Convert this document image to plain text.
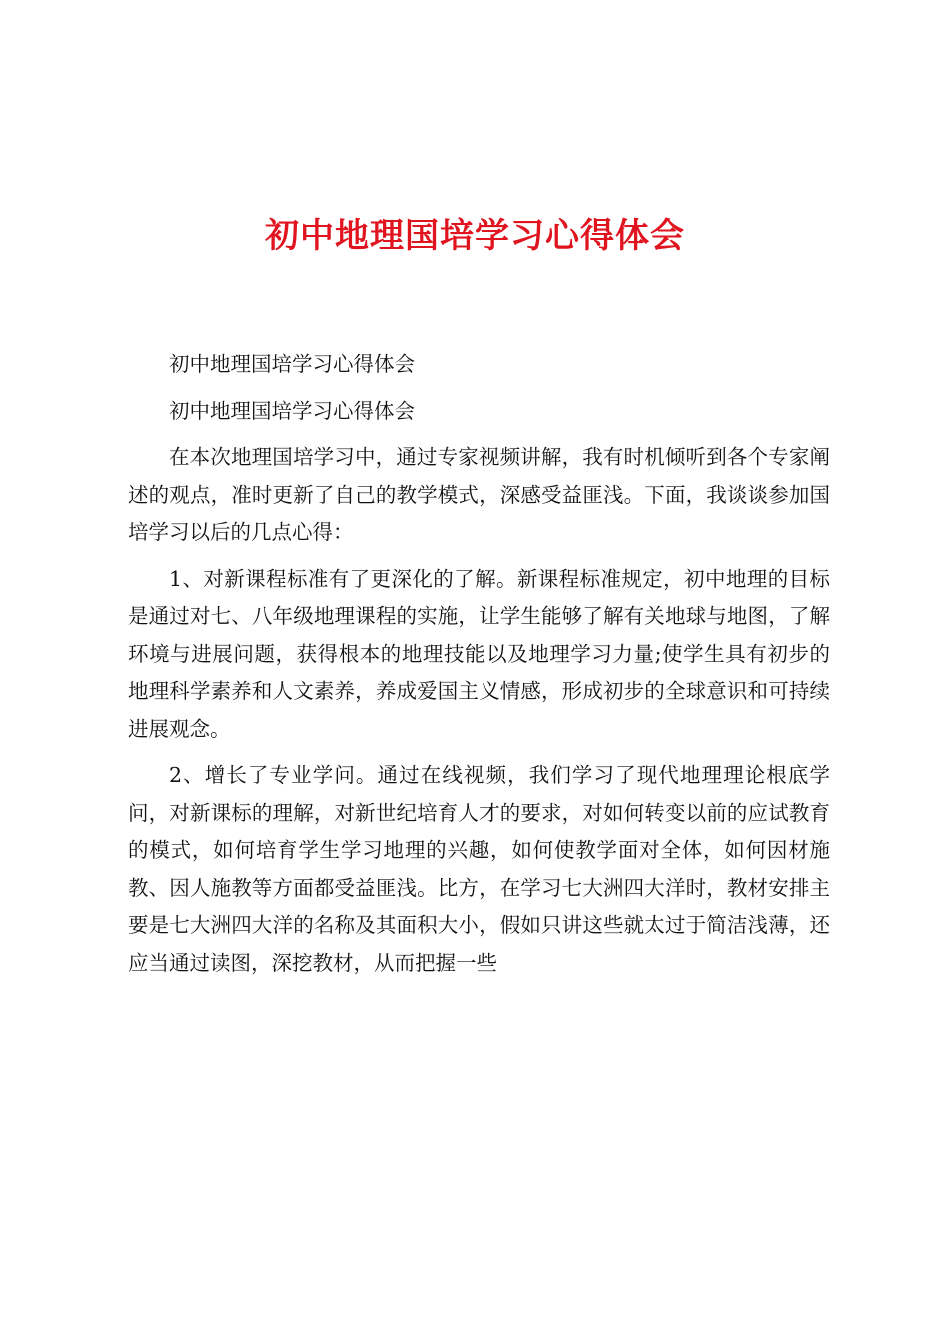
初中地理国培学习心得体会

初中地理国培学习心得体会

初中地理国培学习心得体会

在本次地理国培学习中，通过专家视频讲解，我有时机倾听到各个专家阐述的观点，准时更新了自己的教学模式，深感受益匪浅。下面，我谈谈参加国培学习以后的几点心得：

1、对新课程标准有了更深化的了解。新课程标准规定，初中地理的目标是通过对七、八年级地理课程的实施，让学生能够了解有关地球与地图，了解环境与进展问题，获得根本的地理技能以及地理学习力量;使学生具有初步的地理科学素养和人文素养，养成爱国主义情感，形成初步的全球意识和可持续进展观念。

2、增长了专业学问。通过在线视频，我们学习了现代地理理论根底学问，对新课标的理解，对新世纪培育人才的要求，对如何转变以前的应试教育的模式，如何培育学生学习地理的兴趣，如何使教学面对全体，如何因材施教、因人施教等方面都受益匪浅。比方，在学习七大洲四大洋时，教材安排主要是七大洲四大洋的名称及其面积大小，假如只讲这些就太过于简洁浅薄，还应当通过读图，深挖教材，从而把握一些
